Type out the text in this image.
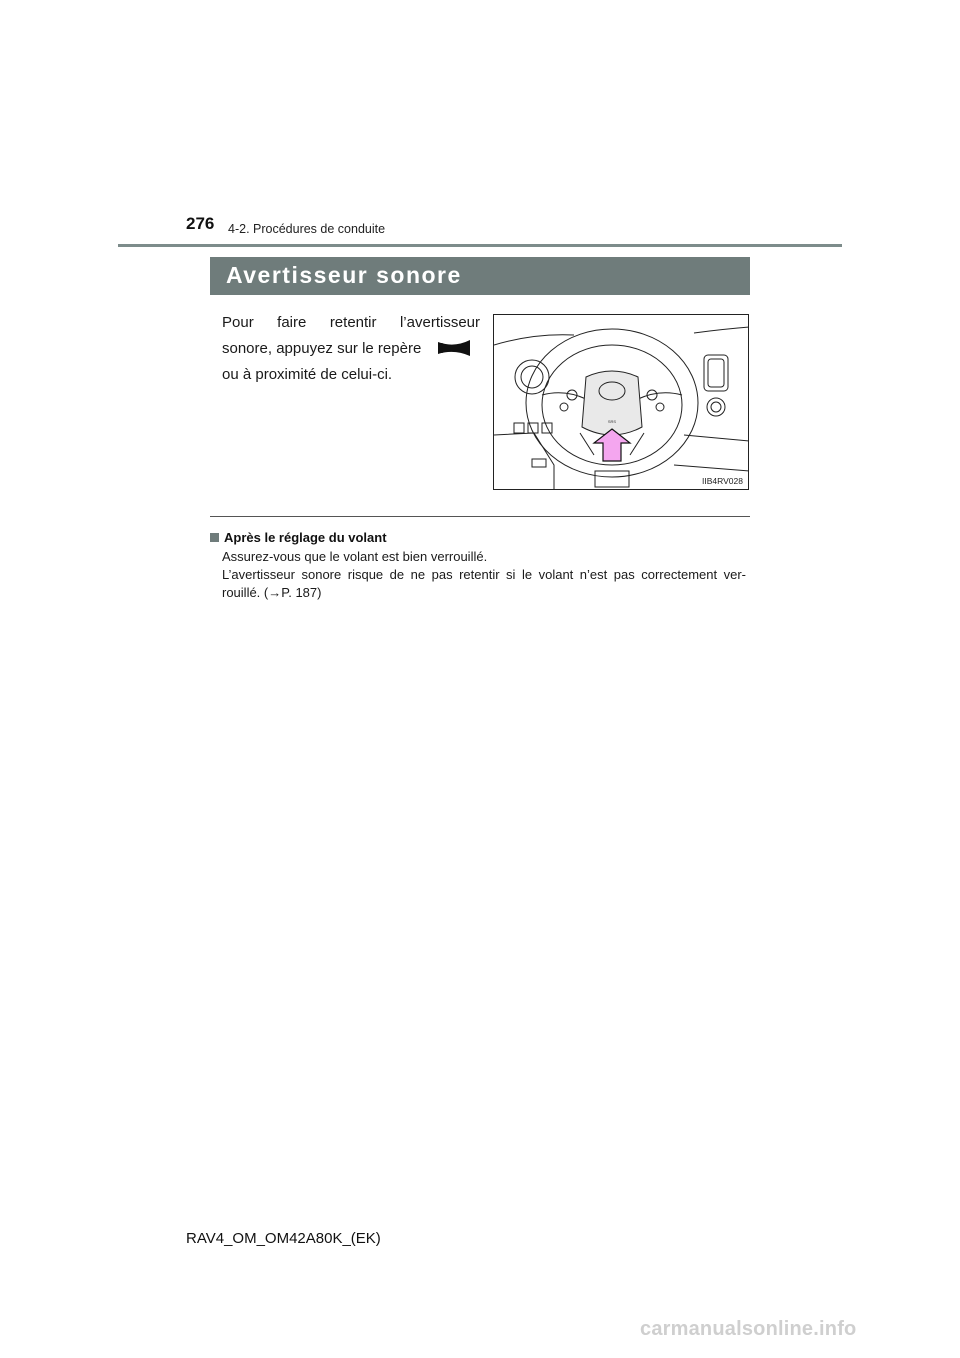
276 4-2. Procédures de conduite
Avertisseur sonore
Pour faire retentir l’avertisseur
sonore, appuyez sur le repère
ou à proximité de celui-ci.
SRS
IIB4RV028
Après le réglage du volant
Assurez-vous que le volant est bien verrouillé.
L’avertisseur sonore risque de ne pas retentir si le volant n’est pas correctement ver-
rouillé. (→P. 187)
RAV4_OM_OM42A80K_(EK)
carmanualsonline.info
